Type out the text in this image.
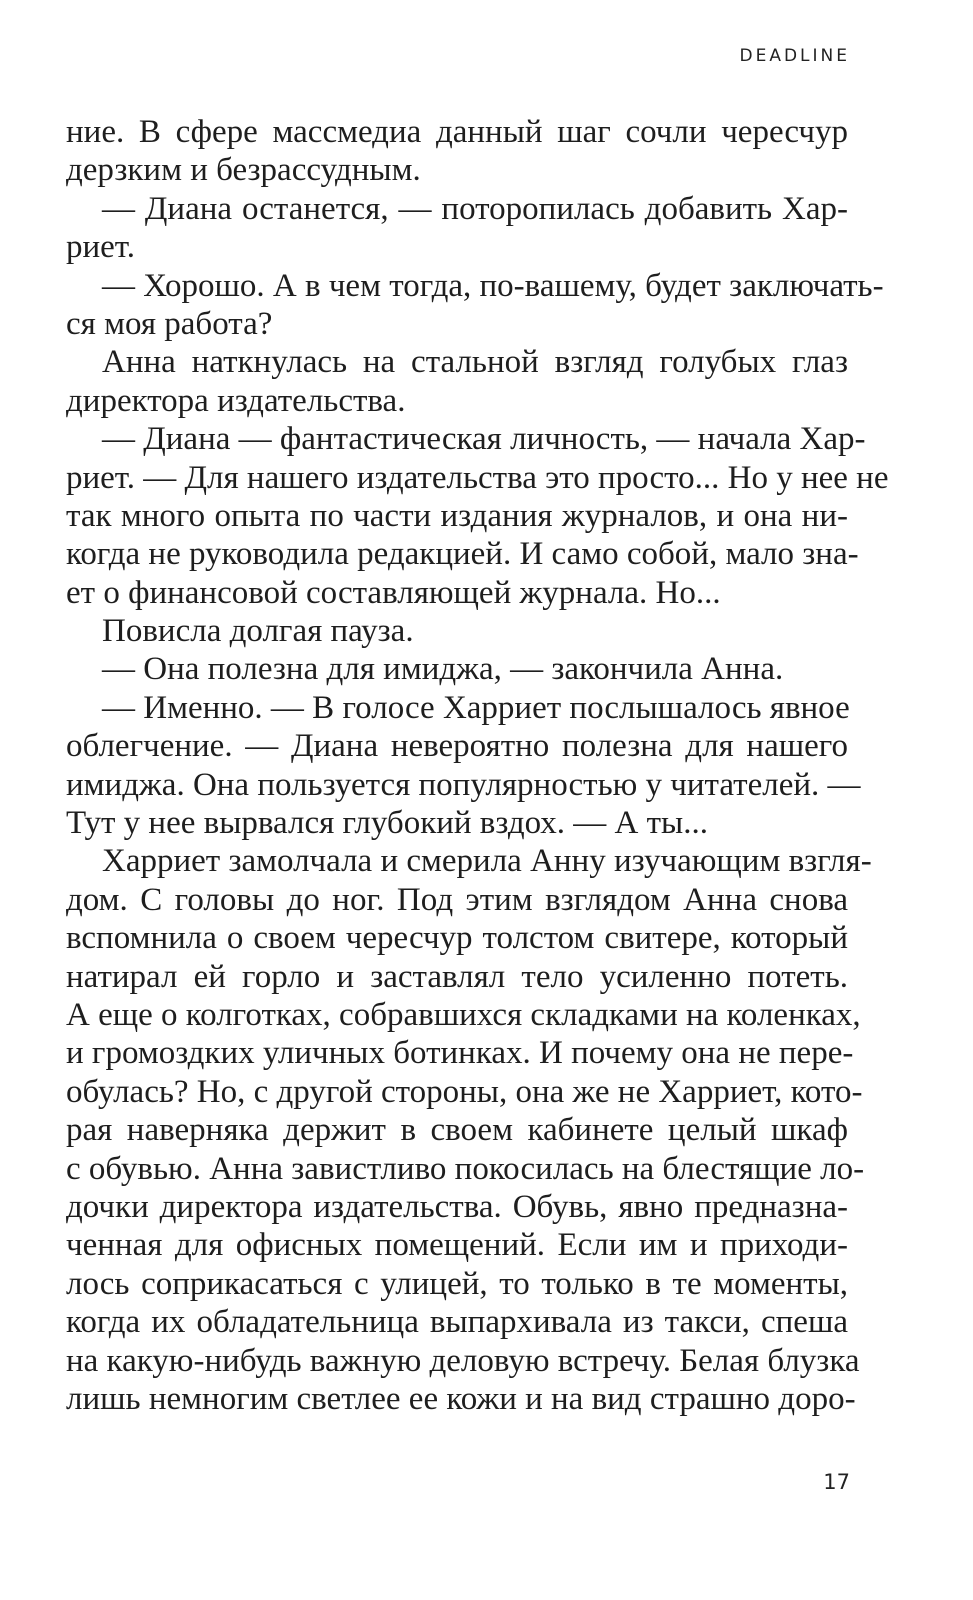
DEADLINE
ние. В сфере массмедиа данный шаг сочли чересчур
дерзким и безрассудным.
— Диана останется, — поторопилась добавить Хар-
риет.
— Хорошо. А в чем тогда, по-вашему, будет заключать-
ся моя работа?
Анна наткнулась на стальной взгляд голубых глаз
директора издательства.
— Диана — фантастическая личность, — начала Хар-
риет. — Для нашего издательства это просто... Но у нее не
так много опыта по части издания журналов, и она ни-
когда не руководила редакцией. И само собой, мало зна-
ет о финансовой составляющей журнала. Но...
Повисла долгая пауза.
— Она полезна для имиджа, — закончила Анна.
— Именно. — В голосе Харриет послышалось явное
облегчение. — Диана невероятно полезна для нашего
имиджа. Она пользуется популярностью у читателей. —
Тут у нее вырвался глубокий вздох. — А ты...
Харриет замолчала и смерила Анну изучающим взгля-
дом. С головы до ног. Под этим взглядом Анна снова
вспомнила о своем чересчур толстом свитере, который
натирал ей горло и заставлял тело усиленно потеть.
А еще о колготках, собравшихся складками на коленках,
и громоздких уличных ботинках. И почему она не пере-
обулась? Но, с другой стороны, она же не Харриет, кото-
рая наверняка держит в своем кабинете целый шкаф
с обувью. Анна завистливо покосилась на блестящие ло-
дочки директора издательства. Обувь, явно предназна-
ченная для офисных помещений. Если им и приходи-
лось соприкасаться с улицей, то только в те моменты,
когда их обладательница выпархивала из такси, спеша
на какую-нибудь важную деловую встречу. Белая блузка
лишь немногим светлее ее кожи и на вид страшно доро-
17
